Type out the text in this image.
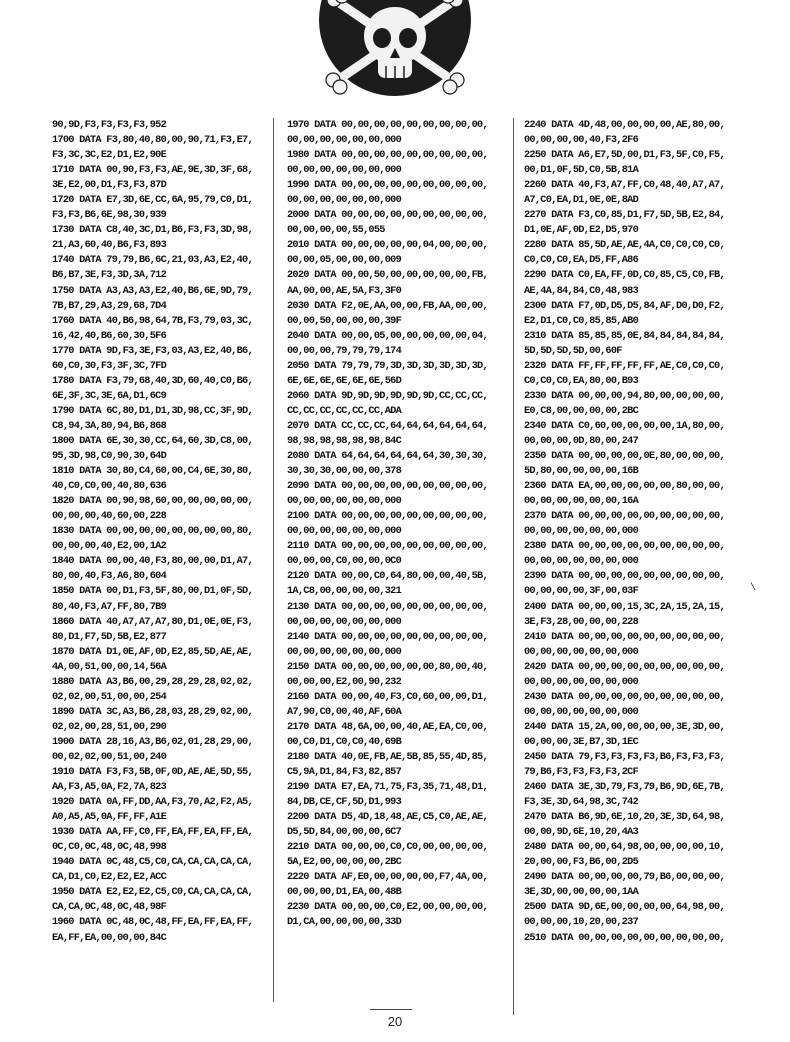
90,9D,F3,F3,F3,F3,952
1700 DATA F3,80,40,80,00,90,71,F3,E7,
F3,3C,3C,E2,D1,E2,90E
1710 DATA 00,90,F3,F3,AE,9E,3D,3F,68,
3E,E2,00,D1,F3,F3,87D
1720 DATA E7,3D,6E,CC,6A,95,79,C0,D1,
F3,F3,B6,6E,98,30,939
1730 DATA C8,40,3C,D1,B6,F3,F3,3D,98,
21,A3,60,40,B6,F3,893
1740 DATA 79,79,B6,6C,21,03,A3,E2,40,
B6,B7,3E,F3,3D,3A,712
1750 DATA A3,A3,A3,E2,40,B6,6E,9D,79,
7B,B7,29,A3,29,68,7D4
1760 DATA 40,B6,98,64,7B,F3,79,03,3C,
16,42,40,B6,60,30,5F6
1770 DATA 9D,F3,3E,F3,03,A3,E2,40,B6,
60,C0,30,F3,3F,3C,7FD
1780 DATA F3,79,68,40,3D,60,40,C0,B6,
6E,3F,3C,3E,6A,D1,6C9
1790 DATA 6C,80,D1,D1,3D,98,CC,3F,9D,
C8,94,3A,80,94,B6,868
1800 DATA 6E,30,30,CC,64,60,3D,C8,00,
95,3D,98,C0,90,30,64D
1810 DATA 30,80,C4,60,00,C4,6E,30,80,
40,C0,C0,00,40,80,636
1820 DATA 00,90,98,60,00,00,00,00,00,
00,00,00,40,60,00,228
1830 DATA 00,00,00,00,00,00,00,00,80,
00,00,00,40,E2,00,1A2
1840 DATA 00,00,40,F3,80,00,00,D1,A7,
80,00,40,F3,A6,80,604
1850 DATA 00,D1,F3,5F,80,00,D1,0F,5D,
80,40,F3,A7,FF,80,7B9
1860 DATA 40,A7,A7,A7,80,D1,0E,0E,F3,
80,D1,F7,5D,5B,E2,877
1870 DATA D1,0E,AF,0D,E2,85,5D,AE,AE,
4A,00,51,00,00,14,56A
1880 DATA A3,B6,00,29,28,29,28,02,02,
02,02,00,51,00,00,254
1890 DATA 3C,A3,B6,28,03,28,29,02,00,
02,02,00,28,51,00,290
1900 DATA 28,16,A3,B6,02,01,28,29,00,
00,02,02,00,51,00,240
1910 DATA F3,F3,5B,0F,0D,AE,AE,5D,55,
AA,F3,A5,0A,F2,7A,823
1920 DATA 0A,FF,DD,AA,F3,70,A2,F2,A5,
A0,A5,A5,0A,FF,FF,A1E
1930 DATA AA,FF,C0,FF,EA,FF,EA,FF,EA,
0C,C0,0C,48,0C,48,998
1940 DATA 0C,48,C5,C0,CA,CA,CA,CA,CA,
CA,D1,C0,E2,E2,E2,ACC
1950 DATA E2,E2,E2,C5,C0,CA,CA,CA,CA,
CA,CA,0C,48,0C,48,98F
1960 DATA 0C,48,0C,48,FF,EA,FF,EA,FF,
EA,FF,EA,00,00,00,84C
1970 DATA 00,00,00,00,00,00,00,00,00,
00,00,00,00,00,00,000
1980 DATA 00,00,00,00,00,00,00,00,00,
00,00,00,00,00,00,000
1990 DATA 00,00,00,00,00,00,00,00,00,
00,00,00,00,00,00,000
2000 DATA 00,00,00,00,00,00,00,00,00,
00,00,00,00,55,055
2010 DATA 00,00,00,00,00,04,00,00,00,
00,00,05,00,00,00,009
2020 DATA 00,00,50,00,00,00,00,00,FB,
AA,00,00,AE,5A,F3,3F0
2030 DATA F2,0E,AA,00,00,FB,AA,00,00,
00,00,50,00,00,00,39F
2040 DATA 00,00,05,00,00,00,00,00,04,
00,00,00,79,79,79,174
2050 DATA 79,79,79,3D,3D,3D,3D,3D,3D,
6E,6E,6E,6E,6E,6E,56D
2060 DATA 9D,9D,9D,9D,9D,9D,CC,CC,CC,
CC,CC,CC,CC,CC,CC,ADA
2070 DATA CC,CC,CC,64,64,64,64,64,64,
98,98,98,98,98,98,84C
2080 DATA 64,64,64,64,64,64,30,30,30,
30,30,30,00,00,00,378
2090 DATA 00,00,00,00,00,00,00,00,00,
00,00,00,00,00,00,000
2100 DATA 00,00,00,00,00,00,00,00,00,
00,00,00,00,00,00,000
2110 DATA 00,00,00,00,00,00,00,00,00,
00,00,00,C0,00,00,0C0
2120 DATA 00,00,C0,64,80,00,00,40,5B,
1A,C8,00,00,00,00,321
2130 DATA 00,00,00,00,00,00,00,00,00,
00,00,00,00,00,00,000
2140 DATA 00,00,00,00,00,00,00,00,00,
00,00,00,00,00,00,000
2150 DATA 00,00,00,00,00,00,80,00,40,
00,00,00,E2,00,90,232
2160 DATA 00,00,40,F3,C0,60,00,00,D1,
A7,90,C0,00,40,AF,60A
2170 DATA 48,6A,00,00,40,AE,EA,C0,00,
00,C0,D1,C0,C0,40,69B
2180 DATA 40,0E,FB,AE,5B,85,55,4D,85,
C5,9A,D1,84,F3,82,857
2190 DATA E7,EA,71,75,F3,35,71,48,D1,
84,DB,CE,CF,5D,D1,993
2200 DATA D5,4D,18,48,AE,C5,C0,AE,AE,
D5,5D,84,00,00,00,6C7
2210 DATA 00,00,00,C0,C0,00,00,00,00,
5A,E2,00,00,00,00,2BC
2220 DATA AF,E0,00,00,00,00,F7,4A,00,
00,00,00,D1,EA,00,48B
2230 DATA 00,00,00,C0,E2,00,00,00,00,
D1,CA,00,00,00,00,33D
2240 DATA 4D,48,00,00,00,00,AE,80,00,
00,00,00,00,40,F3,2F6
2250 DATA A6,E7,5D,00,D1,F3,5F,C0,F5,
00,D1,0F,5D,C0,5B,81A
2260 DATA 40,F3,A7,FF,C0,48,40,A7,A7,
A7,C0,EA,D1,0E,0E,8AD
2270 DATA F3,C0,85,D1,F7,5D,5B,E2,84,
D1,0E,AF,0D,E2,D5,970
2280 DATA 85,5D,AE,AE,4A,C0,C0,C0,C0,
C0,C0,C0,EA,D5,FF,A86
2290 DATA C0,EA,FF,0D,C0,85,C5,C0,FB,
AE,4A,84,84,C0,48,983
2300 DATA F7,0D,D5,D5,84,AF,D0,D0,F2,
E2,D1,C0,C0,85,85,AB0
2310 DATA 85,85,85,0E,84,84,84,84,84,
5D,5D,5D,5D,00,60F
2320 DATA FF,FF,FF,FF,FF,AE,C0,C0,C0,
C0,C0,C0,EA,80,00,B93
2330 DATA 00,00,00,94,80,00,00,00,00,
E0,C8,00,00,00,00,2BC
2340 DATA C0,60,00,00,00,00,1A,80,00,
00,00,00,0D,80,00,247
2350 DATA 00,00,00,00,0E,80,00,00,00,
5D,80,00,00,00,00,16B
2360 DATA EA,00,00,00,00,00,80,00,00,
00,00,00,00,00,00,16A
2370 DATA 00,00,00,00,00,00,00,00,00,
00,00,00,00,00,00,000
2380 DATA 00,00,00,00,00,00,00,00,00,
00,00,00,00,00,00,000
2390 DATA 00,00,00,00,00,00,00,00,00,
00,00,00,00,3F,00,03F
2400 DATA 00,00,00,15,3C,2A,15,2A,15,
3E,F3,28,00,00,00,228
2410 DATA 00,00,00,00,00,00,00,00,00,
00,00,00,00,00,00,000
2420 DATA 00,00,00,00,00,00,00,00,00,
00,00,00,00,00,00,000
2430 DATA 00,00,00,00,00,00,00,00,00,
00,00,00,00,00,00,000
2440 DATA 15,2A,00,00,00,00,3E,3D,00,
00,00,00,3E,B7,3D,1EC
2450 DATA 79,F3,F3,F3,F3,B6,F3,F3,F3,
79,B6,F3,F3,F3,F3,2CF
2460 DATA 3E,3D,79,F3,79,B6,9D,6E,7B,
F3,3E,3D,64,98,3C,742
2470 DATA B6,9D,6E,10,20,3E,3D,64,98,
00,00,9D,6E,10,20,4A3
2480 DATA 00,00,64,98,00,00,00,00,10,
20,00,00,F3,B6,00,2D5
2490 DATA 00,00,00,00,79,B6,00,00,00,
3E,3D,00,00,00,00,1AA
2500 DATA 9D,6E,00,00,00,00,64,98,00,
00,00,00,10,20,00,237
2510 DATA 00,00,00,00,00,00,00,00,00,
\
20
